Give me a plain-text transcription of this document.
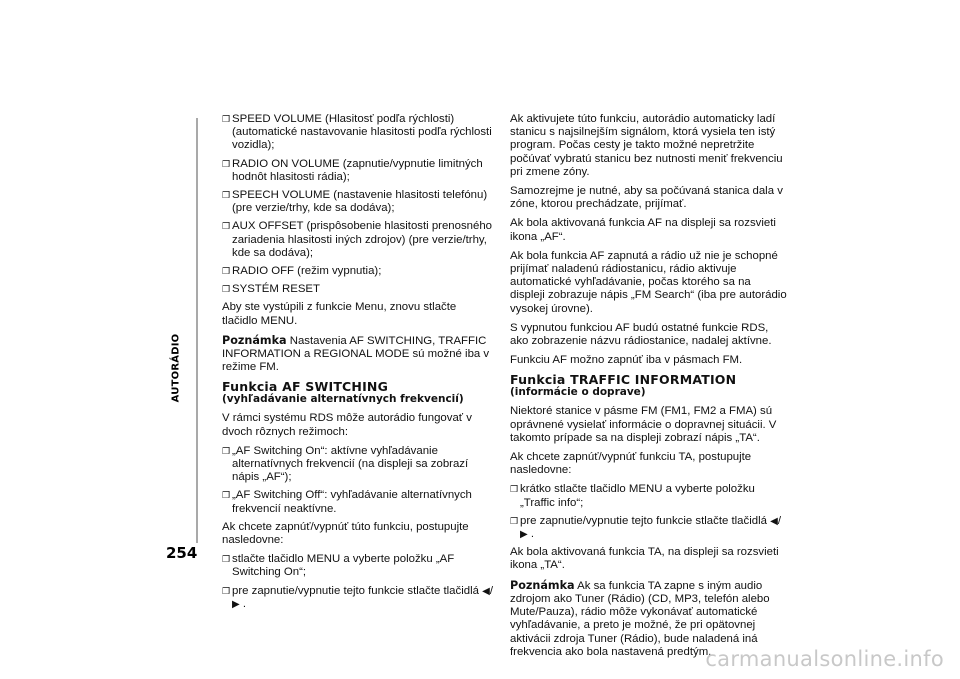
AUTORÁDIO
254
❒ SPEED VOLUME (Hlasitosť podľa rýchlosti) (automatické nastavovanie hlasitosti podľa rýchlosti vozidla);
❒ RADIO ON VOLUME (zapnutie/vypnutie limitných hodnôt hlasitosti rádia);
❒ SPEECH VOLUME (nastavenie hlasitosti telefónu) (pre verzie/trhy, kde sa dodáva);
❒ AUX OFFSET (prispôsobenie hlasitosti prenosného zariadenia hlasitosti iných zdrojov) (pre verzie/trhy, kde sa dodáva);
❒ RADIO OFF (režim vypnutia);
❒ SYSTÉM RESET

Aby ste vystúpili z funkcie Menu, znovu stlačte tlačidlo MENU.

Poznámka Nastavenia AF SWITCHING, TRAFFIC INFORMATION a REGIONAL MODE sú možné iba v režime FM.

Funkcia AF SWITCHING
(vyhľadávanie alternatívnych frekvencií)

V rámci systému RDS môže autorádio fungovať v dvoch rôznych režimoch:

❒ „AF Switching On“: aktívne vyhľadávanie alternatívnych frekvencií (na displeji sa zobrazí nápis „AF“);
❒ „AF Switching Off“: vyhľadávanie alternatívnych frekvencií neaktívne.

Ak chcete zapnúť/vypnúť túto funkciu, postupujte nasledovne:

❒ stlačte tlačidlo MENU a vyberte položku „AF Switching On“;
❒ pre zapnutie/vypnutie tejto funkcie stlačte tlačidlá ◀/▶ .

Ak aktivujete túto funkciu, autorádio automaticky ladí stanicu s najsilnejším signálom, ktorá vysiela ten istý program. Počas cesty je takto možné nepretržite počúvať vybratú stanicu bez nutnosti meniť frekvenciu pri zmene zóny.

Samozrejme je nutné, aby sa počúvaná stanica dala v zóne, ktorou prechádzate, prijímať.

Ak bola aktivovaná funkcia AF na displeji sa rozsvieti ikona „AF“.

Ak bola funkcia AF zapnutá a rádio už nie je schopné prijímať naladenú rádiostanicu, rádio aktivuje automatické vyhľadávanie, počas ktorého sa na displeji zobrazuje nápis „FM Search“ (iba pre autorádio vysokej úrovne).

S vypnutou funkciou AF budú ostatné funkcie RDS, ako zobrazenie názvu rádiostanice, nadalej aktívne.

Funkciu AF možno zapnúť iba v pásmach FM.

Funkcia TRAFFIC INFORMATION
(informácie o doprave)

Niektoré stanice v pásme FM (FM1, FM2 a FMA) sú oprávnené vysielať informácie o dopravnej situácii. V takomto prípade sa na displeji zobrazí nápis „TA“.

Ak chcete zapnúť/vypnúť funkciu TA, postupujte nasledovne:

❒ krátko stlačte tlačidlo MENU a vyberte položku „Traffic info“;
❒ pre zapnutie/vypnutie tejto funkcie stlačte tlačidlá ◀/▶ .

Ak bola aktivovaná funkcia TA, na displeji sa rozsvieti ikona „TA“.

Poznámka Ak sa funkcia TA zapne s iným audio zdrojom ako Tuner (Rádio) (CD, MP3, telefón alebo Mute/Pauza), rádio môže vykonávať automatické vyhľadávanie, a preto je možné, že pri opätovnej aktivácii zdroja Tuner (Rádio), bude naladená iná frekvencia ako bola nastavená predtým.

carmanualsonline.info
